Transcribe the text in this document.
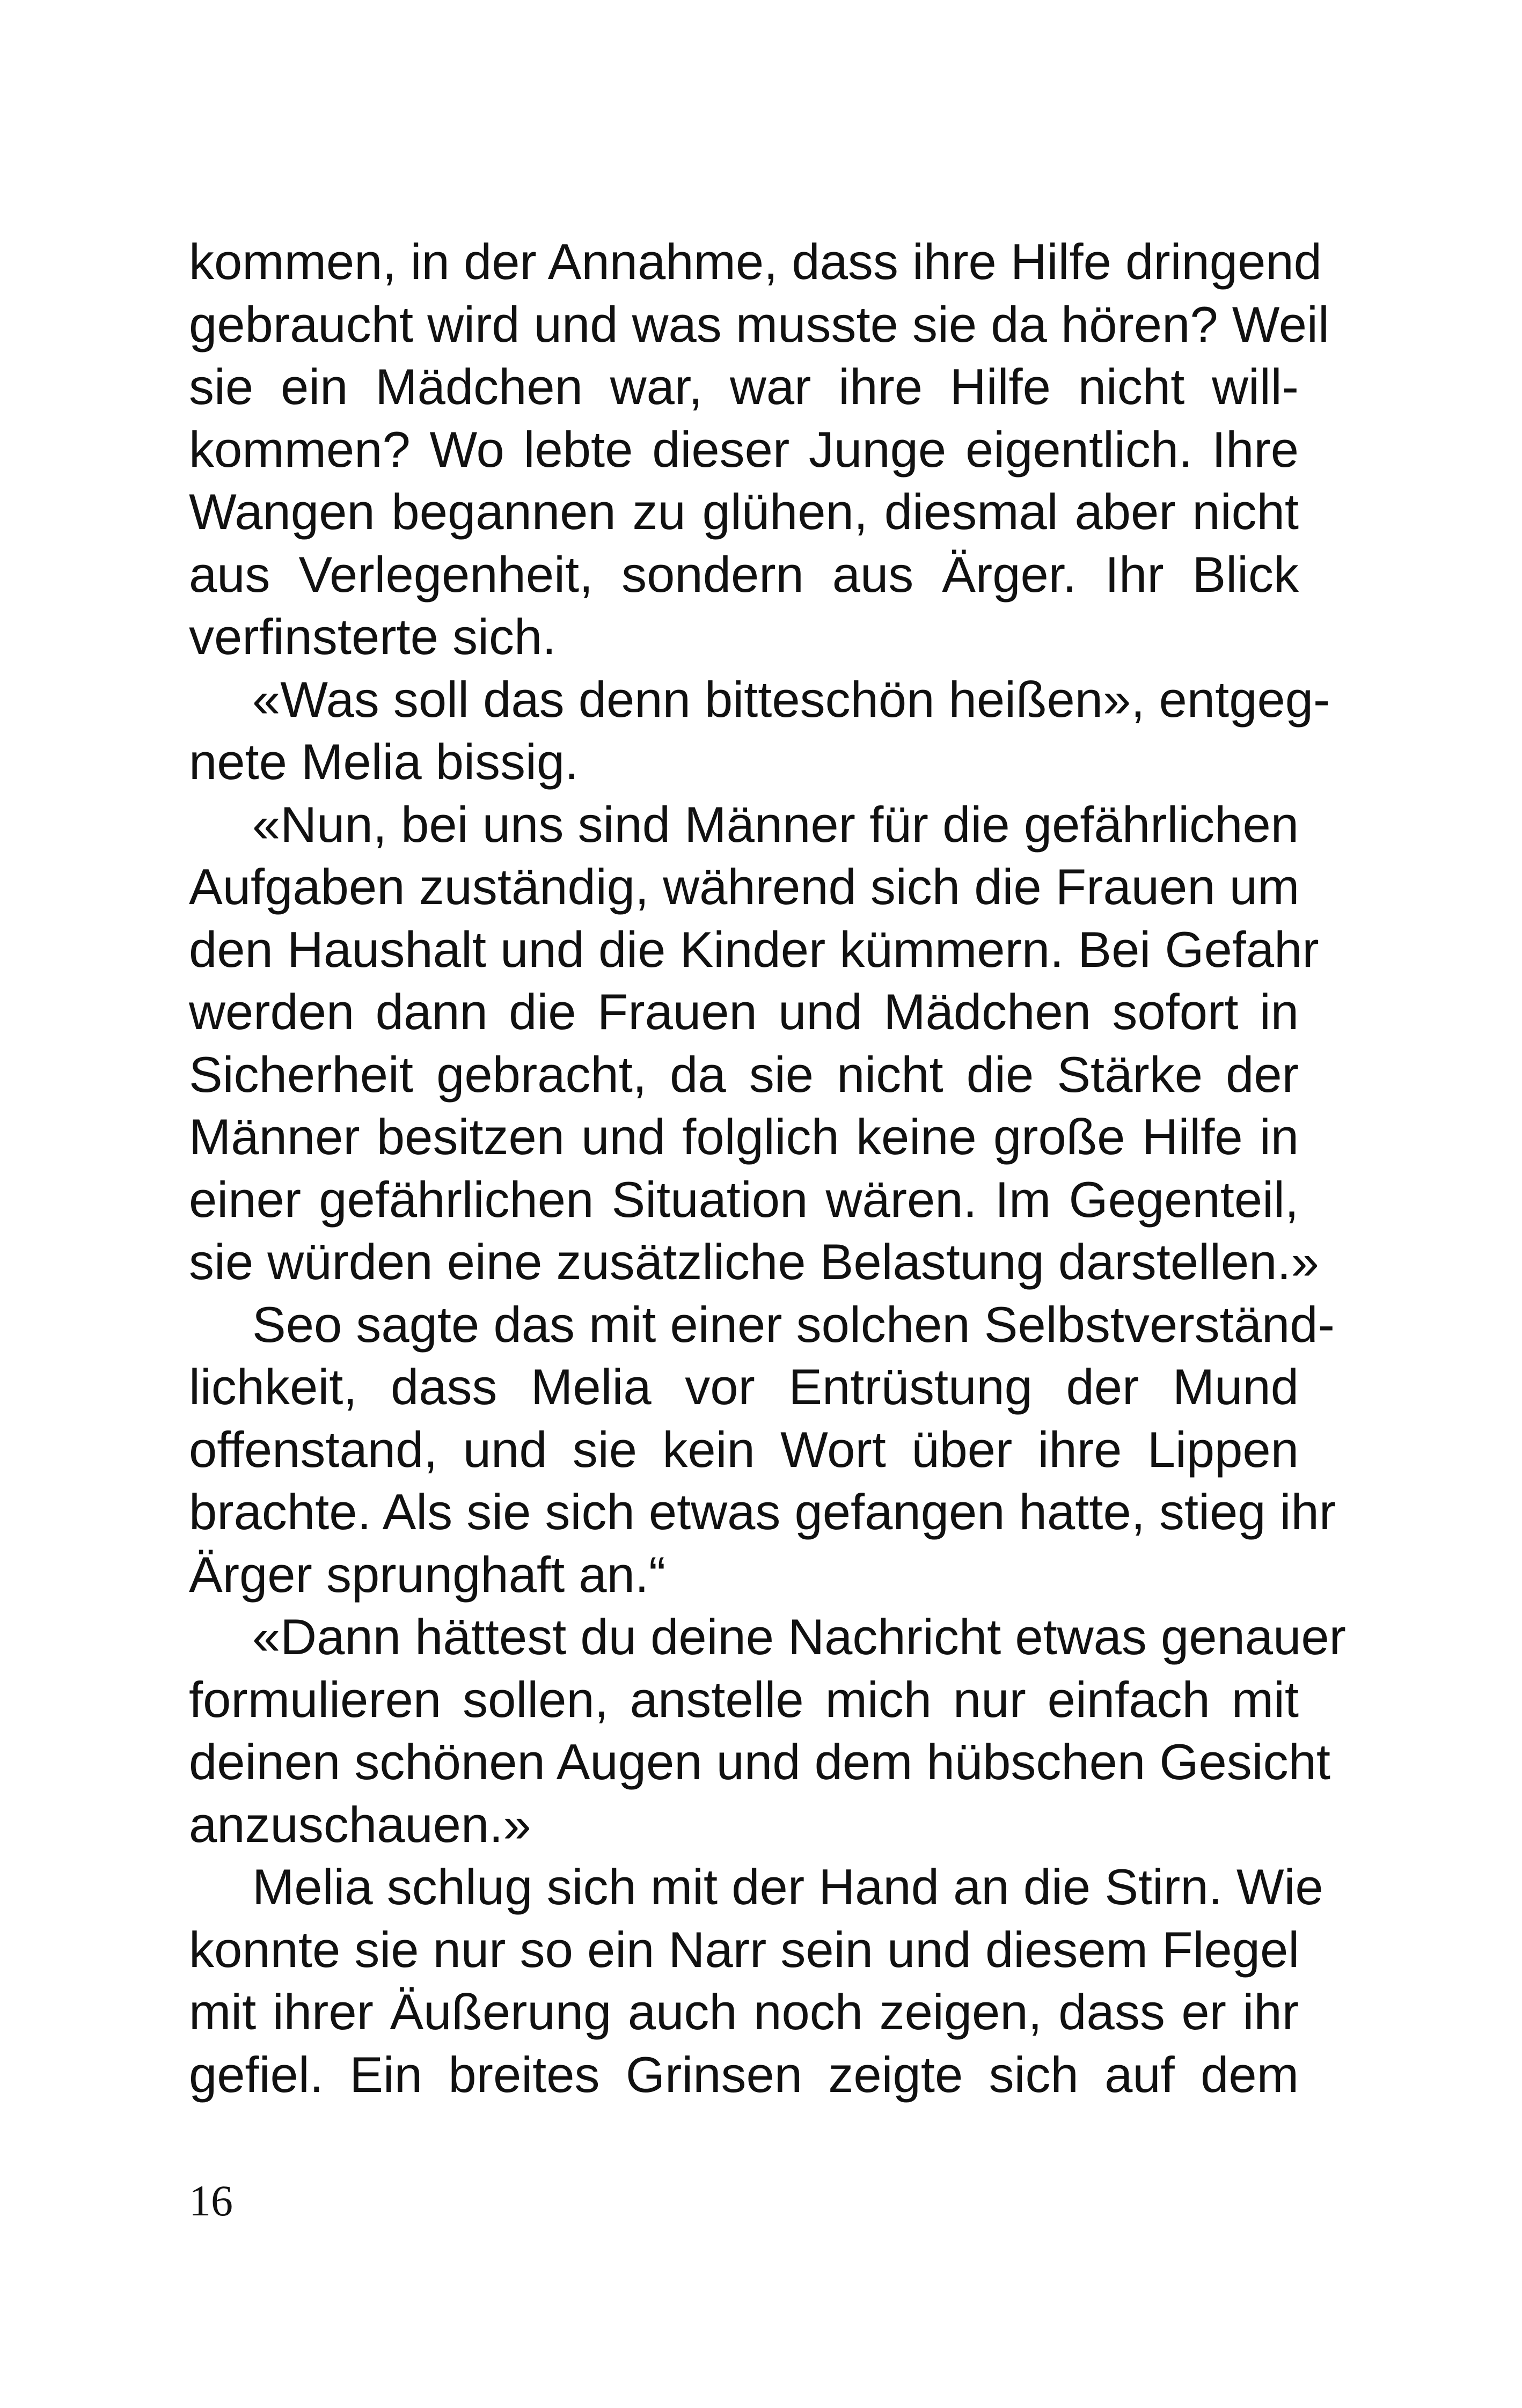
kommen, in der Annahme, dass ihre Hilfe dringend
gebraucht wird und was musste sie da hören? Weil
sie ein Mädchen war, war ihre Hilfe nicht will-
kommen? Wo lebte dieser Junge eigentlich. Ihre
Wangen begannen zu glühen, diesmal aber nicht
aus Verlegenheit, sondern aus Ärger. Ihr Blick
verfinsterte sich.
«Was soll das denn bitteschön heißen», entgeg-
nete Melia bissig.
«Nun, bei uns sind Männer für die gefährlichen
Aufgaben zuständig, während sich die Frauen um
den Haushalt und die Kinder kümmern. Bei Gefahr
werden dann die Frauen und Mädchen sofort in
Sicherheit gebracht, da sie nicht die Stärke der
Männer besitzen und folglich keine große Hilfe in
einer gefährlichen Situation wären. Im Gegenteil,
sie würden eine zusätzliche Belastung darstellen.»
Seo sagte das mit einer solchen Selbstverständ-
lichkeit, dass Melia vor Entrüstung der Mund
offenstand, und sie kein Wort über ihre Lippen
brachte. Als sie sich etwas gefangen hatte, stieg ihr
Ärger sprunghaft an.“
«Dann hättest du deine Nachricht etwas genauer
formulieren sollen, anstelle mich nur einfach mit
deinen schönen Augen und dem hübschen Gesicht
anzuschauen.»
Melia schlug sich mit der Hand an die Stirn. Wie
konnte sie nur so ein Narr sein und diesem Flegel
mit ihrer Äußerung auch noch zeigen, dass er ihr
gefiel. Ein breites Grinsen zeigte sich auf dem
16
